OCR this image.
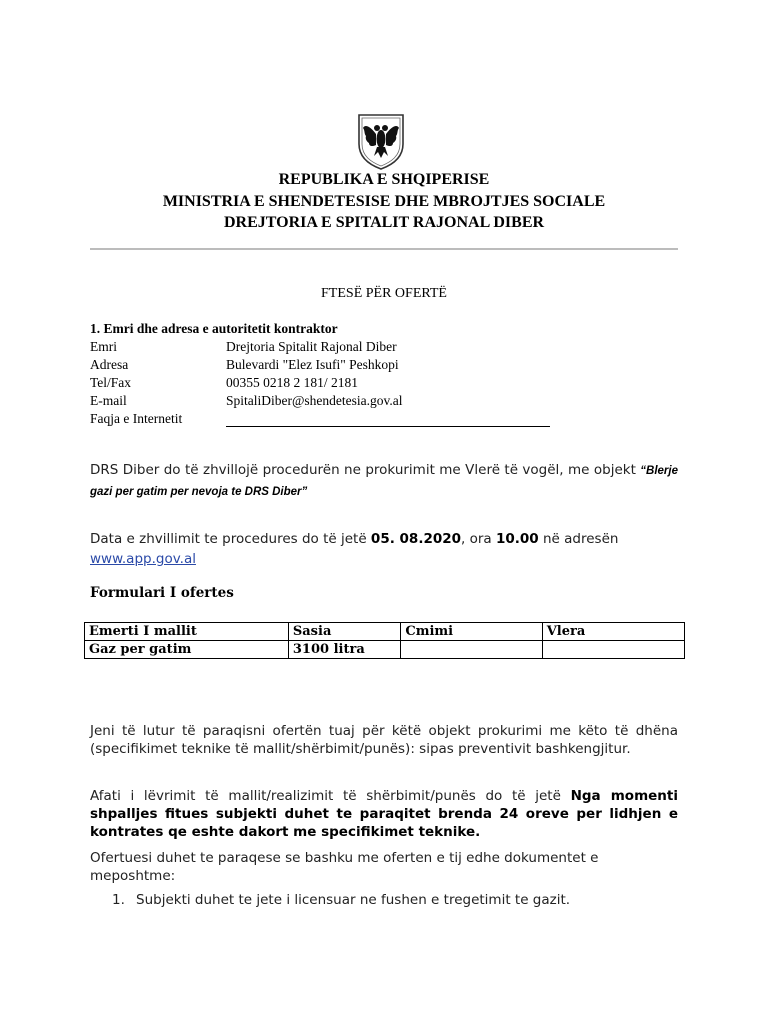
REPUBLIKA E SHQIPERISE
MINISTRIA E SHENDETESISE DHE MBROJTJES SOCIALE
DREJTORIA E SPITALIT RAJONAL DIBER
FTESË PËR OFERTË
1. Emri dhe adresa e autoritetit kontraktor
Emri	Drejtoria Spitalit Rajonal Diber
Adresa	Bulevardi "Elez Isufi" Peshkopi
Tel/Fax	00355 0218 2 181/ 2181
E-mail	SpitaliDiber@shendetesia.gov.al
Faqja e Internetit
DRS Diber do të zhvillojë procedurën ne prokurimit me Vlerë të vogël, me objekt “Blerje gazi per gatim per nevoja te DRS Diber”
Data e zhvillimit te procedures do të jetë 05. 08.2020, ora 10.00 në adresën
www.app.gov.al
Formulari I ofertes
Emerti I mallit	Sasia	Cmimi	Vlera
Gaz per gatim	3100 litra		
Jeni të lutur të paraqisni ofertën tuaj për këtë objekt prokurimi me këto të dhëna (specifikimet teknike të mallit/shërbimit/punës): sipas preventivit bashkengjitur.
Afati i lëvrimit të mallit/realizimit të shërbimit/punës do të jetë Nga momenti shpalljes fitues subjekti duhet te paraqitet brenda 24 oreve per lidhjen e kontrates qe eshte dakort me specifikimet teknike.
Ofertuesi duhet te paraqese se bashku me oferten e tij edhe dokumentet e meposhtme:
1. Subjekti duhet te jete i licensuar ne fushen e tregetimit te gazit.
